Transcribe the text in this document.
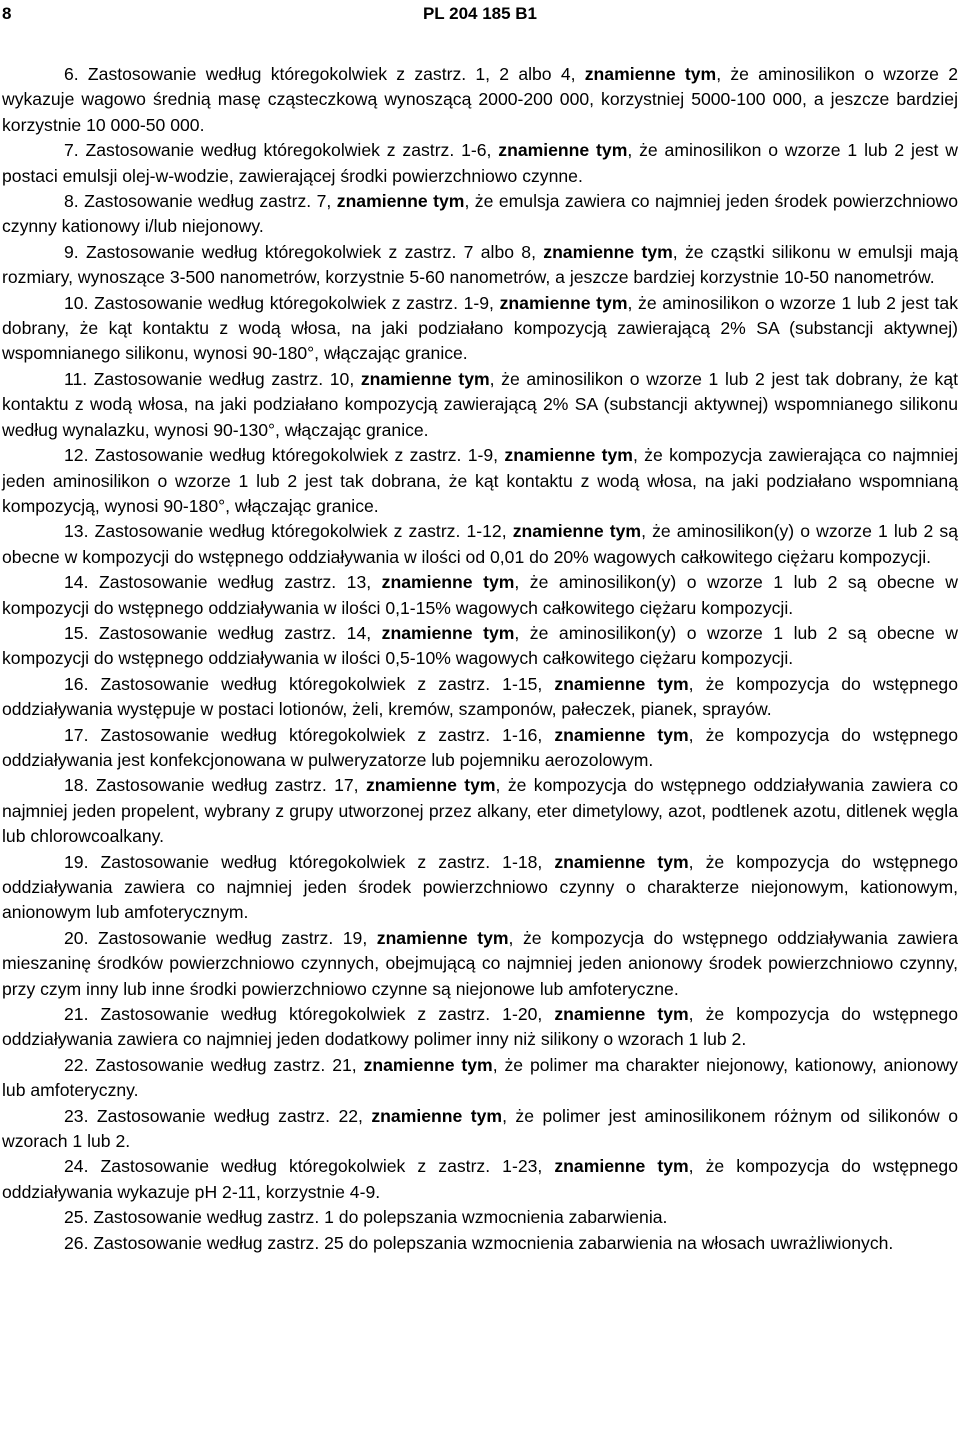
8	PL 204 185 B1

6. Zastosowanie według któregokolwiek z zastrz. 1, 2 albo 4, znamienne tym, że aminosilikon o wzorze 2 wykazuje wagowo średnią masę cząsteczkową wynoszącą 2000-200 000, korzystniej 5000-100 000, a jeszcze bardziej korzystnie 10 000-50 000.

7. Zastosowanie według któregokolwiek z zastrz. 1-6, znamienne tym, że aminosilikon o wzorze 1 lub 2 jest w postaci emulsji olej-w-wodzie, zawierającej środki powierzchniowo czynne.

8. Zastosowanie według zastrz. 7, znamienne tym, że emulsja zawiera co najmniej jeden środek powierzchniowo czynny kationowy i/lub niejonowy.

9. Zastosowanie według któregokolwiek z zastrz. 7 albo 8, znamienne tym, że cząstki silikonu w emulsji mają rozmiary, wynoszące 3-500 nanometrów, korzystnie 5-60 nanometrów, a jeszcze bardziej korzystnie 10-50 nanometrów.

10. Zastosowanie według któregokolwiek z zastrz. 1-9, znamienne tym, że aminosilikon o wzorze 1 lub 2 jest tak dobrany, że kąt kontaktu z wodą włosa, na jaki podziałano kompozycją zawierającą 2% SA (substancji aktywnej) wspomnianego silikonu, wynosi 90-180°, włączając granice.

11. Zastosowanie według zastrz. 10, znamienne tym, że aminosilikon o wzorze 1 lub 2 jest tak dobrany, że kąt kontaktu z wodą włosa, na jaki podziałano kompozycją zawierającą 2% SA (substancji aktywnej) wspomnianego silikonu według wynalazku, wynosi 90-130°, włączając granice.

12. Zastosowanie według któregokolwiek z zastrz. 1-9, znamienne tym, że kompozycja zawierająca co najmniej jeden aminosilikon o wzorze 1 lub 2 jest tak dobrana, że kąt kontaktu z wodą włosa, na jaki podziałano wspomnianą kompozycją, wynosi 90-180°, włączając granice.

13. Zastosowanie według któregokolwiek z zastrz. 1-12, znamienne tym, że aminosilikon(y) o wzorze 1 lub 2 są obecne w kompozycji do wstępnego oddziaływania w ilości od 0,01 do 20% wagowych całkowitego ciężaru kompozycji.

14. Zastosowanie według zastrz. 13, znamienne tym, że aminosilikon(y) o wzorze 1 lub 2 są obecne w kompozycji do wstępnego oddziaływania w ilości 0,1-15% wagowych całkowitego ciężaru kompozycji.

15. Zastosowanie według zastrz. 14, znamienne tym, że aminosilikon(y) o wzorze 1 lub 2 są obecne w kompozycji do wstępnego oddziaływania w ilości 0,5-10% wagowych całkowitego ciężaru kompozycji.

16. Zastosowanie według któregokolwiek z zastrz. 1-15, znamienne tym, że kompozycja do wstępnego oddziaływania występuje w postaci lotionów, żeli, kremów, szamponów, pałeczek, pianek, sprayów.

17. Zastosowanie według któregokolwiek z zastrz. 1-16, znamienne tym, że kompozycja do wstępnego oddziaływania jest konfekcjonowana w pulweryzatorze lub pojemniku aerozolowym.

18. Zastosowanie według zastrz. 17, znamienne tym, że kompozycja do wstępnego oddziaływania zawiera co najmniej jeden propelent, wybrany z grupy utworzonej przez alkany, eter dimetylowy, azot, podtlenek azotu, ditlenek węgla lub chlorowcoalkany.

19. Zastosowanie według któregokolwiek z zastrz. 1-18, znamienne tym, że kompozycja do wstępnego oddziaływania zawiera co najmniej jeden środek powierzchniowo czynny o charakterze niejonowym, kationowym, anionowym lub amfoterycznym.

20. Zastosowanie według zastrz. 19, znamienne tym, że kompozycja do wstępnego oddziaływania zawiera mieszaninę środków powierzchniowo czynnych, obejmującą co najmniej jeden anionowy środek powierzchniowo czynny, przy czym inny lub inne środki powierzchniowo czynne są niejonowe lub amfoteryczne.

21. Zastosowanie według któregokolwiek z zastrz. 1-20, znamienne tym, że kompozycja do wstępnego oddziaływania zawiera co najmniej jeden dodatkowy polimer inny niż silikony o wzorach 1 lub 2.

22. Zastosowanie według zastrz. 21, znamienne tym, że polimer ma charakter niejonowy, kationowy, anionowy lub amfoteryczny.

23. Zastosowanie według zastrz. 22, znamienne tym, że polimer jest aminosilikonem różnym od silikonów o wzorach 1 lub 2.

24. Zastosowanie według któregokolwiek z zastrz. 1-23, znamienne tym, że kompozycja do wstępnego oddziaływania wykazuje pH 2-11, korzystnie 4-9.

25. Zastosowanie według zastrz. 1 do polepszania wzmocnienia zabarwienia.

26. Zastosowanie według zastrz. 25 do polepszania wzmocnienia zabarwienia na włosach uwrażliwionych.
